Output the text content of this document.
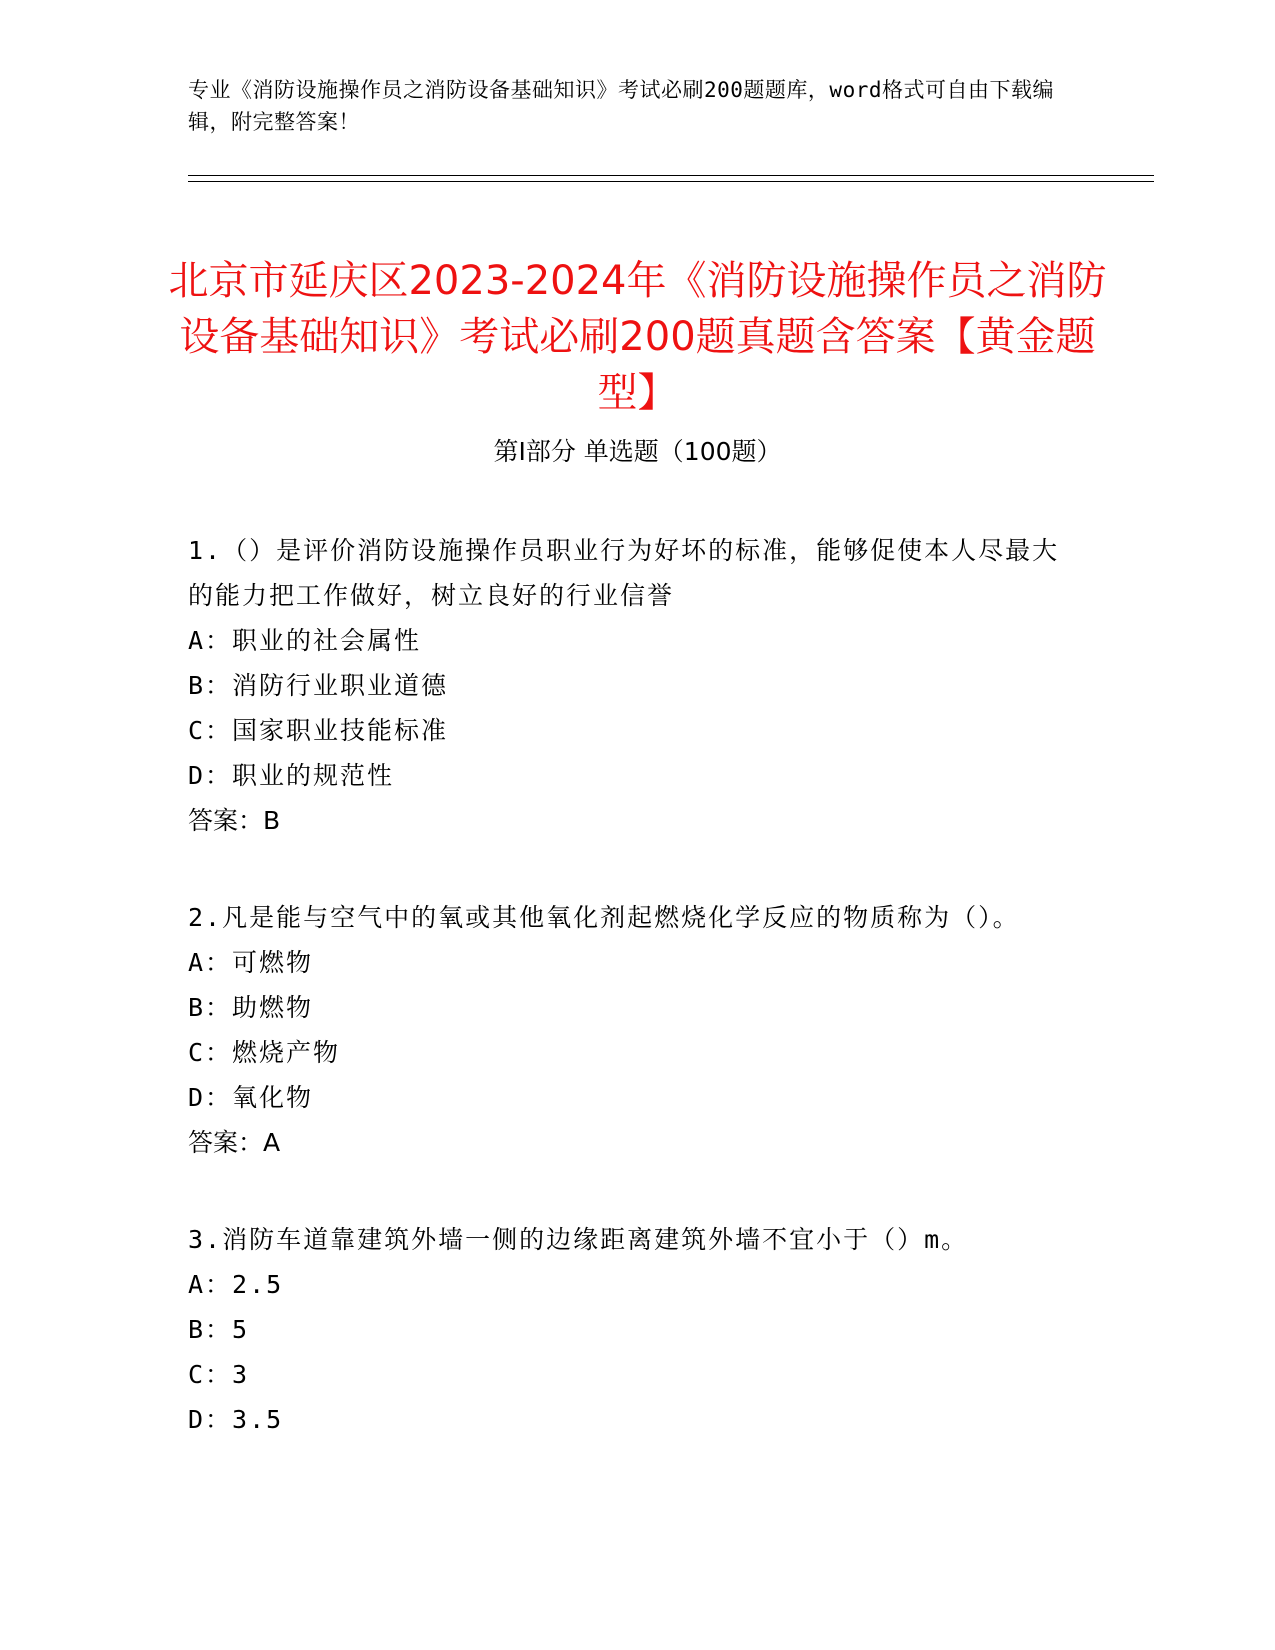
专业《消防设施操作员之消防设备基础知识》考试必刷200题题库，word格式可自由下载编辑，附完整答案！
北京市延庆区2023-2024年《消防设施操作员之消防设备基础知识》考试必刷200题真题含答案【黄金题型】
第I部分 单选题（100题）

1.（）是评价消防设施操作员职业行为好坏的标准，能够促使本人尽最大的能力把工作做好，树立良好的行业信誉

A：职业的社会属性

B：消防行业职业道德

C：国家职业技能标准

D：职业的规范性

答案：B

2.凡是能与空气中的氧或其他氧化剂起燃烧化学反应的物质称为（）。

A：可燃物

B：助燃物

C：燃烧产物

D：氧化物

答案：A

3.消防车道靠建筑外墙一侧的边缘距离建筑外墙不宜小于（）m。

A：2.5

B：5

C：3

D：3.5
